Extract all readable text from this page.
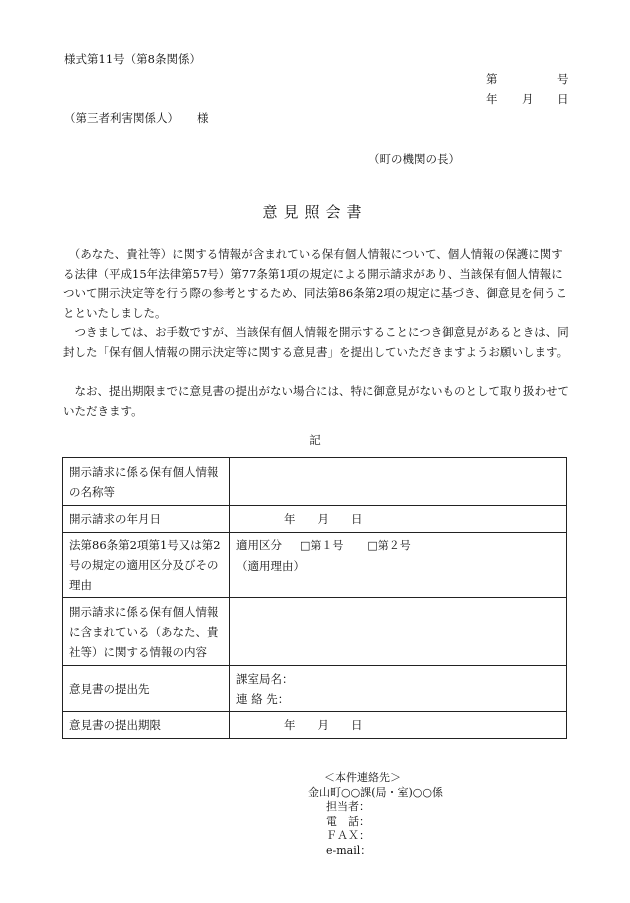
様式第11号（第8条関係）
第	号
年 月 日
（第三者利害関係人） 様
（町の機関の長）
意見照会書
　（あなた、貴社等）に関する情報が含まれている保有個人情報について、個人情報の保護に関する法律（平成15年法律第57号）第77条第1項の規定による開示請求があり、当該保有個人情報について開示決定等を行う際の参考とするため、同法第86条第2項の規定に基づき、御意見を伺うことといたしました。
　つきましては、お手数ですが、当該保有個人情報を開示することにつき御意見があるときは、同封した「保有個人情報の開示決定等に関する意見書」を提出していただきますようお願いします。
　なお、提出期限までに意見書の提出がない場合には、特に御意見がないものとして取り扱わせていただきます。
記
開示請求に係る保有個人情報の名称等	
開示請求の年月日	年 月 日
法第86条第2項第1号又は第2号の規定の適用区分及びその理由	適用区分 □第１号 □第２号
（適用理由）

開示請求に係る保有個人情報に含まれている（あなた、貴社等）に関する情報の内容	
意見書の提出先	課室局名：
連 絡 先：

意見書の提出期限	年 月 日
＜本件連絡先＞
金山町○○課(局・室)○○係
担当者：
電　話：
ＦＡＸ：
e-mail：
